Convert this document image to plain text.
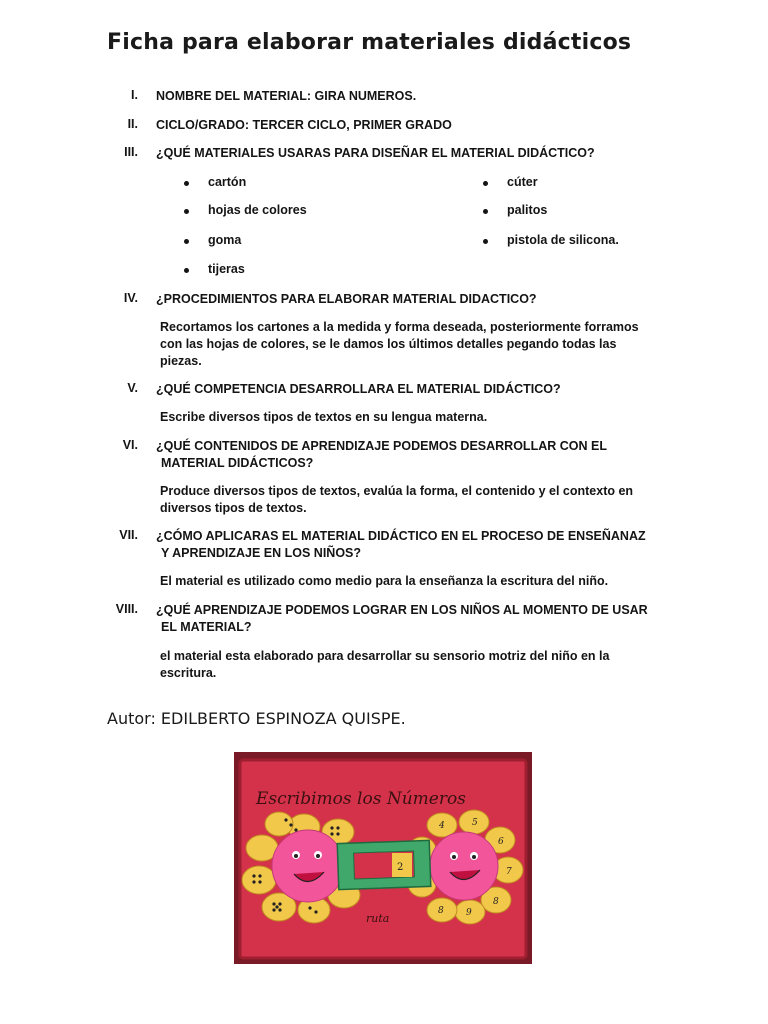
Ficha para elaborar materiales didácticos
I. NOMBRE DEL MATERIAL: GIRA NUMEROS.
II. CICLO/GRADO: TERCER CICLO, PRIMER GRADO
III. ¿QUÉ MATERIALES USARAS PARA DISEÑAR EL MATERIAL DIDÁCTICO?
cartón
hojas de colores
goma
tijeras
cúter
palitos
pistola de silicona.
IV. ¿PROCEDIMIENTOS PARA ELABORAR MATERIAL DIDACTICO?
Recortamos los cartones a la medida y forma deseada, posteriormente forramos
con las hojas de colores, se le damos los últimos detalles pegando todas las
piezas.
V. ¿QUÉ COMPETENCIA DESARROLLARA EL MATERIAL DIDÁCTICO?
Escribe diversos tipos de textos en su lengua materna.
VI. ¿QUÉ CONTENIDOS DE APRENDIZAJE PODEMOS DESARROLLAR CON EL
MATERIAL DIDÁCTICOS?
Produce diversos tipos de textos, evalúa la forma, el contenido y el contexto en
diversos tipos de textos.
VII. ¿CÓMO APLICARAS EL MATERIAL DIDÁCTICO EN EL PROCESO DE ENSEÑANAZ
Y APRENDIZAJE EN LOS NIÑOS?
El material es utilizado como medio para la enseñanza la escritura del niño.
VIII. ¿QUÉ APRENDIZAJE PODEMOS LOGRAR EN LOS NIÑOS AL MOMENTO DE USAR
EL MATERIAL?
el material esta elaborado para desarrollar su sensorio motriz del niño en la
escritura.
Autor: EDILBERTO ESPINOZA QUISPE.
Escribimos los Números
ruta
4	5
6
7
8
9
8
2
